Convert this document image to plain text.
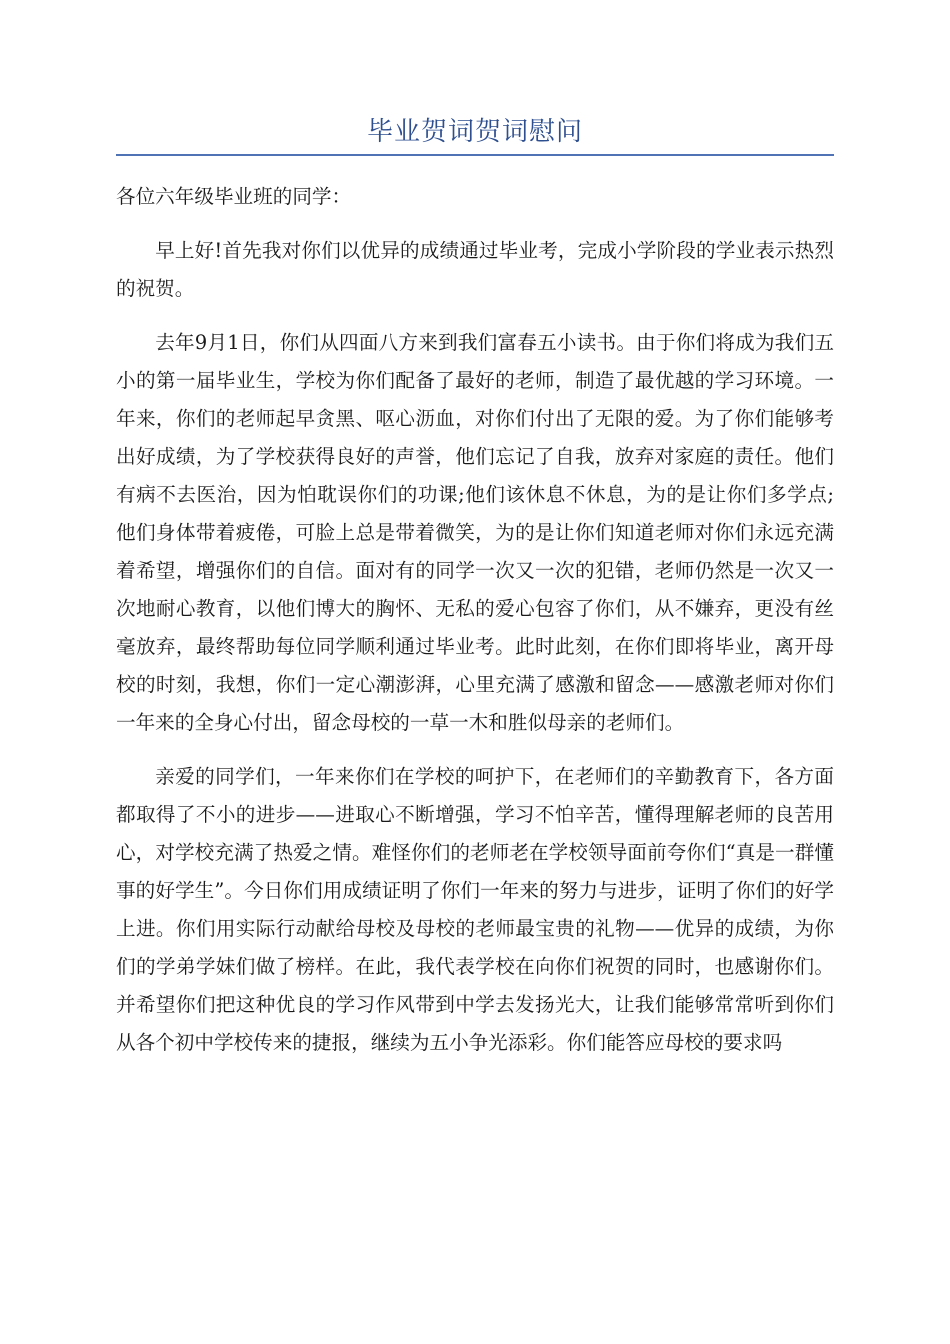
毕业贺词贺词慰问

各位六年级毕业班的同学：

早上好!首先我对你们以优异的成绩通过毕业考，完成小学阶段的学业表示热烈的祝贺。

去年9月1日，你们从四面八方来到我们富春五小读书。由于你们将成为我们五小的第一届毕业生，学校为你们配备了最好的老师，制造了最优越的学习环境。一年来，你们的老师起早贪黑、呕心沥血，对你们付出了无限的爱。为了你们能够考出好成绩，为了学校获得良好的声誉，他们忘记了自我，放弃对家庭的责任。他们有病不去医治，因为怕耽误你们的功课;他们该休息不休息，为的是让你们多学点;他们身体带着疲倦，可脸上总是带着微笑，为的是让你们知道老师对你们永远充满着希望，增强你们的自信。面对有的同学一次又一次的犯错，老师仍然是一次又一次地耐心教育，以他们博大的胸怀、无私的爱心包容了你们，从不嫌弃，更没有丝毫放弃，最终帮助每位同学顺利通过毕业考。此时此刻，在你们即将毕业，离开母校的时刻，我想，你们一定心潮澎湃，心里充满了感激和留念——感激老师对你们一年来的全身心付出，留念母校的一草一木和胜似母亲的老师们。

亲爱的同学们，一年来你们在学校的呵护下，在老师们的辛勤教育下，各方面都取得了不小的进步——进取心不断增强，学习不怕辛苦，懂得理解老师的良苦用心，对学校充满了热爱之情。难怪你们的老师老在学校领导面前夸你们“真是一群懂事的好学生”。今日你们用成绩证明了你们一年来的努力与进步，证明了你们的好学上进。你们用实际行动献给母校及母校的老师最宝贵的礼物——优异的成绩，为你们的学弟学妹们做了榜样。在此，我代表学校在向你们祝贺的同时，也感谢你们。并希望你们把这种优良的学习作风带到中学去发扬光大，让我们能够常常听到你们从各个初中学校传来的捷报，继续为五小争光添彩。你们能答应母校的要求吗
